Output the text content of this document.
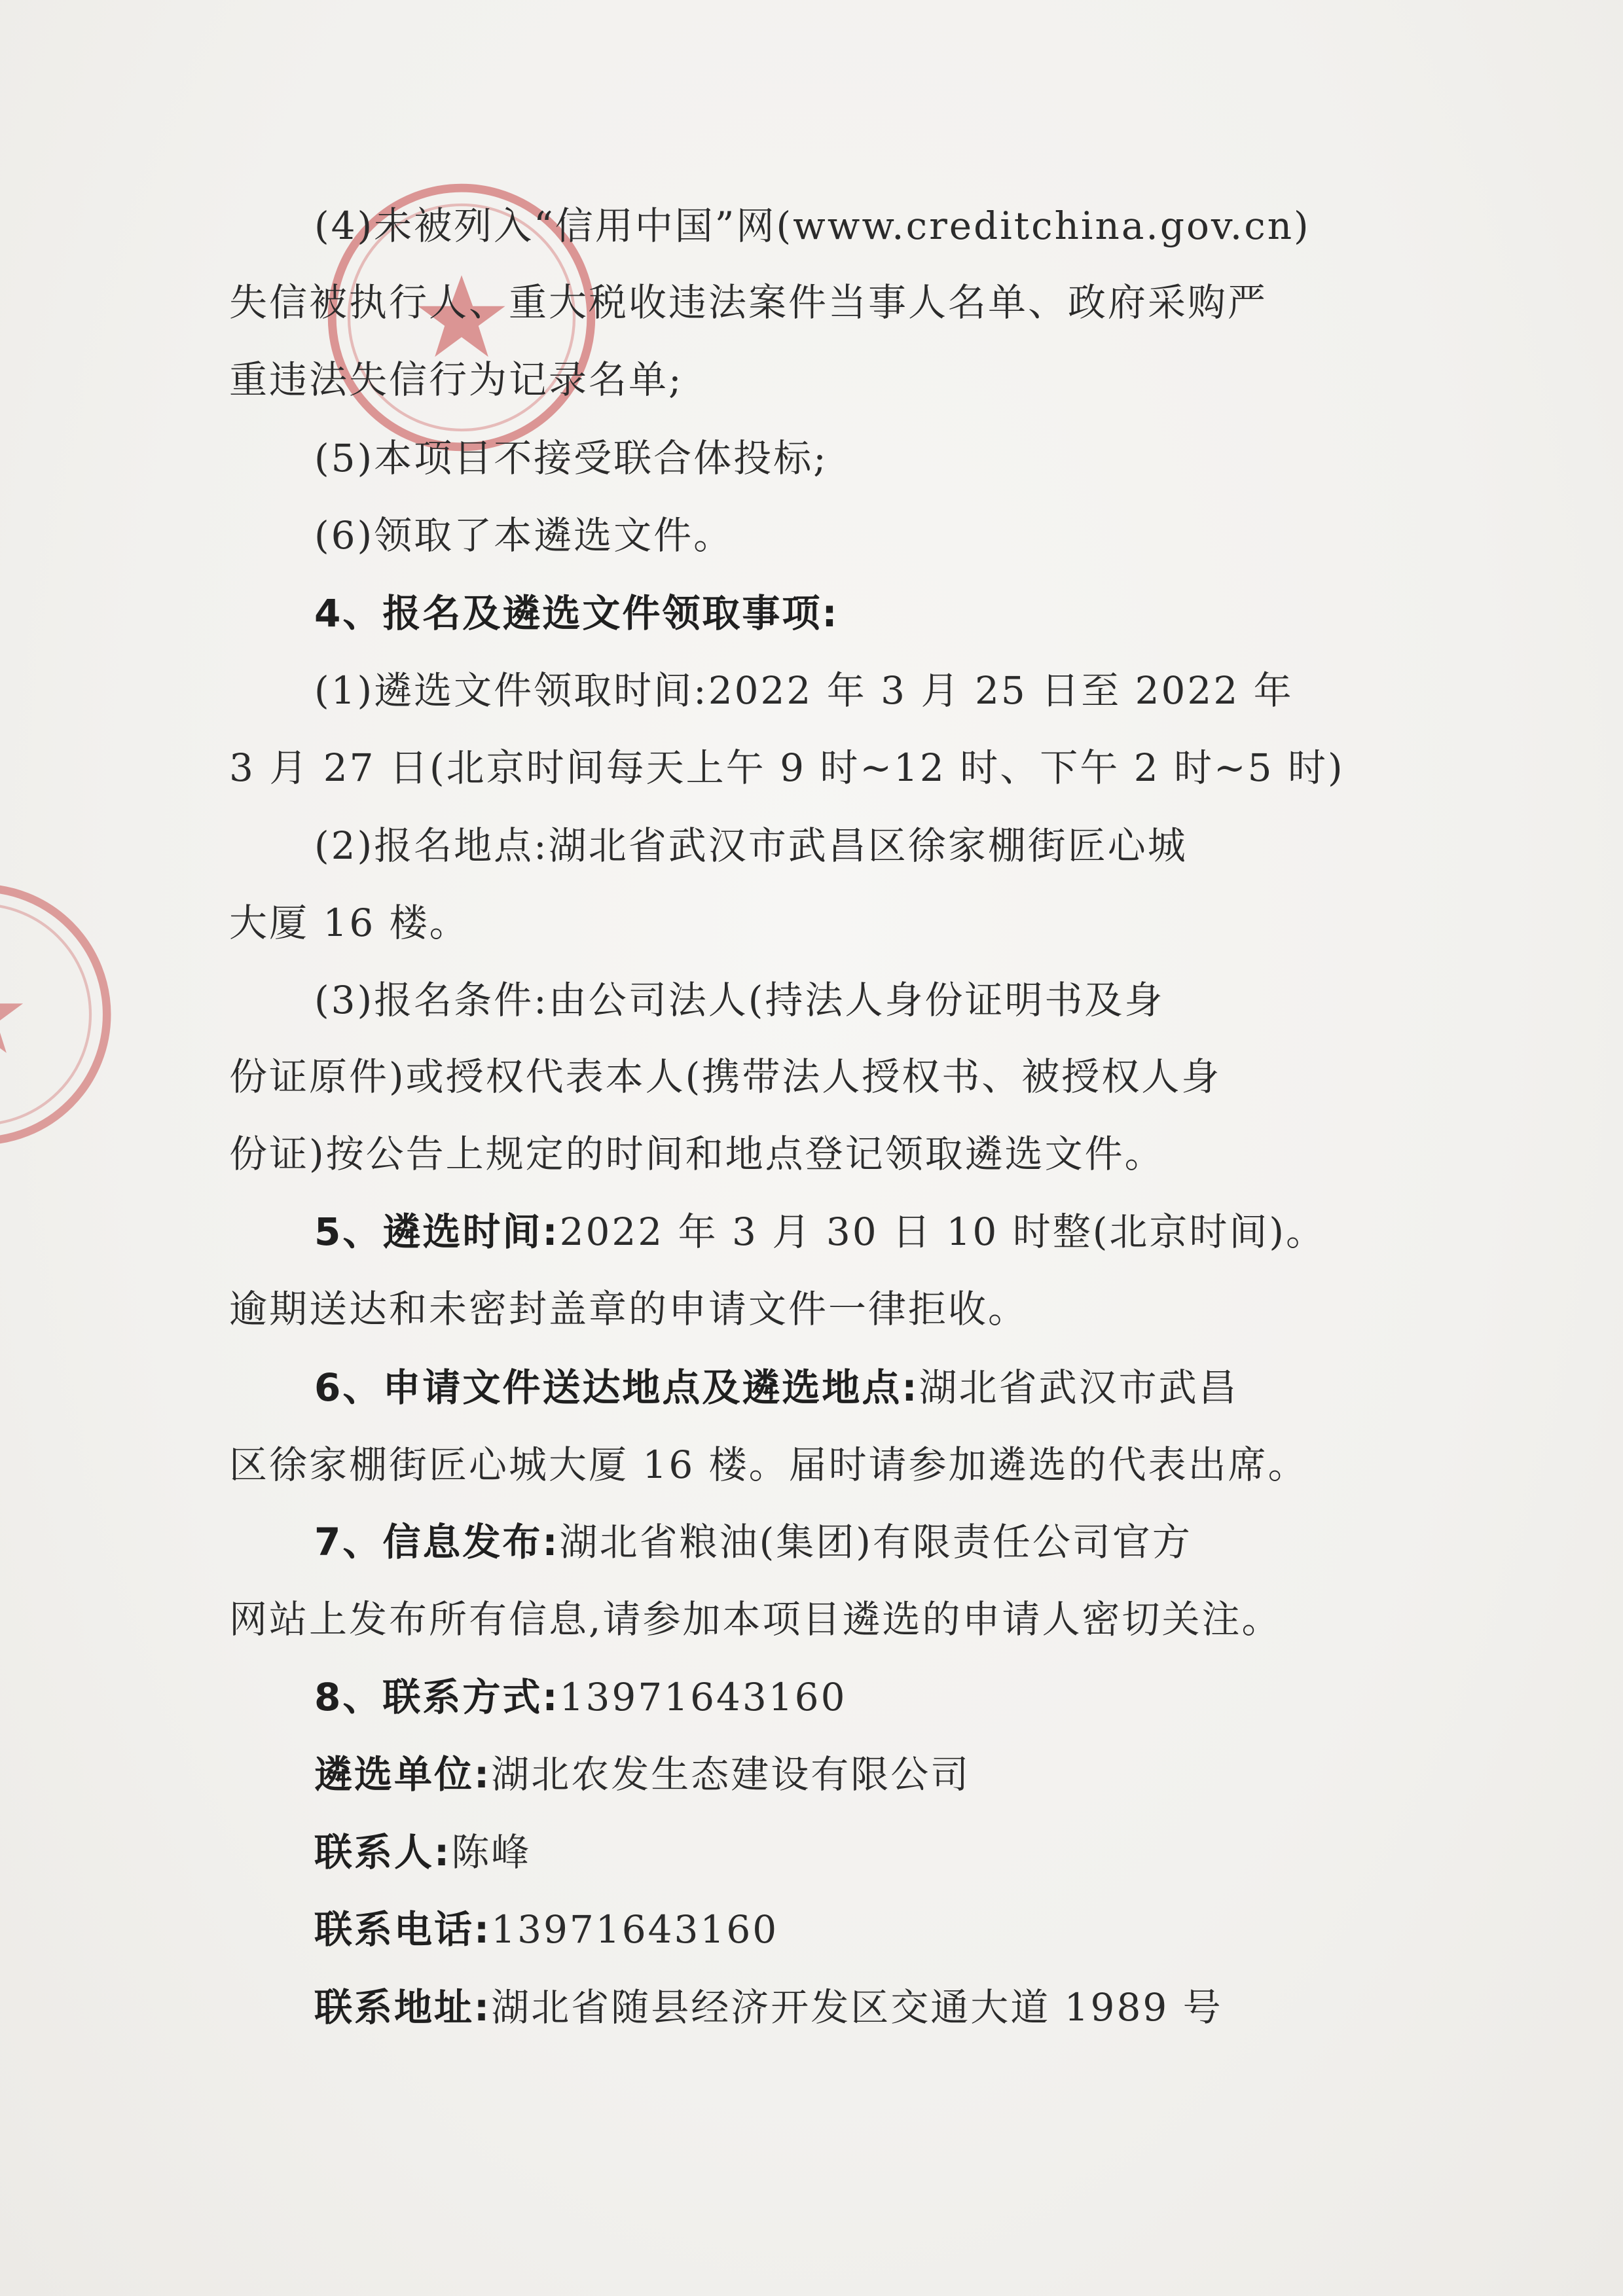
(4)未被列入“信用中国”网(www.creditchina.gov.cn)
失信被执行人、重大税收违法案件当事人名单、政府采购严
重违法失信行为记录名单;
(5)本项目不接受联合体投标;
(6)领取了本遴选文件。
4、报名及遴选文件领取事项:
(1)遴选文件领取时间:2022 年 3 月 25 日至 2022 年
3 月 27 日(北京时间每天上午 9 时~12 时、下午 2 时~5 时)
(2)报名地点:湖北省武汉市武昌区徐家棚街匠心城
大厦 16 楼。
(3)报名条件:由公司法人(持法人身份证明书及身
份证原件)或授权代表本人(携带法人授权书、被授权人身
份证)按公告上规定的时间和地点登记领取遴选文件。
5、遴选时间:2022 年 3 月 30 日 10 时整(北京时间)。
逾期送达和未密封盖章的申请文件一律拒收。
6、申请文件送达地点及遴选地点:湖北省武汉市武昌
区徐家棚街匠心城大厦 16 楼。届时请参加遴选的代表出席。
7、信息发布:湖北省粮油(集团)有限责任公司官方
网站上发布所有信息,请参加本项目遴选的申请人密切关注。
8、联系方式:13971643160
遴选单位:湖北农发生态建设有限公司
联系人:陈峰
联系电话:13971643160
联系地址:湖北省随县经济开发区交通大道 1989 号
